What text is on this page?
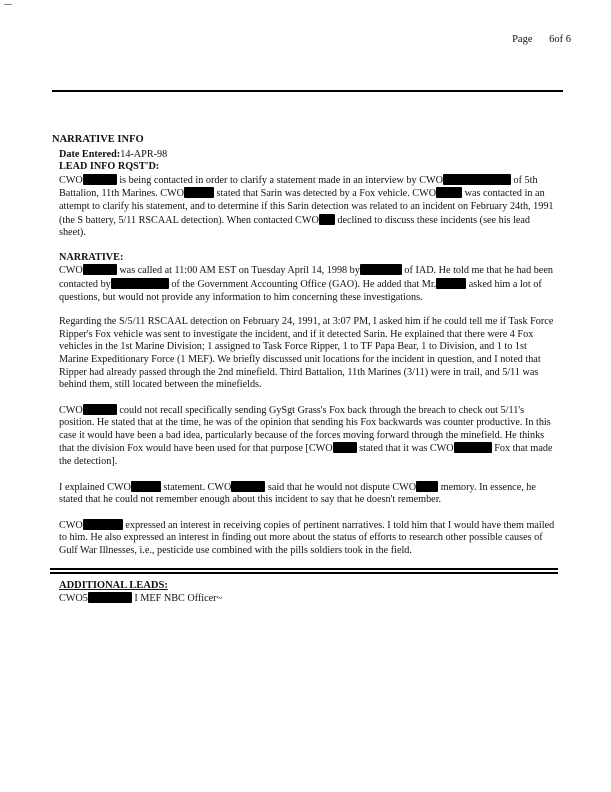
Page 6of 6
NARRATIVE INFO
Date Entered:14-APR-98
LEAD INFO RQST'D:

CWO	is being contacted in order to clarify a statement made in an interview by CWO	of 5th Battalion, 11th Marines. CWO	stated that Sarin was detected by a Fox vehicle. CWO	was contacted in an attempt to clarify his statement, and to determine if this Sarin detection was related to an incident on February 24th, 1991 (the S battery, 5/11 RSCAAL detection). When contacted CWO declined to discuss these incidents (see his lead sheet).

NARRATIVE:

CWO	was called at 11:00 AM EST on Tuesday April 14, 1998 by	of IAD. He told me that he had been contacted by	of the Government Accounting Office (GAO). He added that Mr.	asked him a lot of questions, but would not provide any information to him concerning these investigations.

Regarding the S/5/11 RSCAAL detection on February 24, 1991, at 3:07 PM, I asked him if he could tell me if Task Force Ripper's Fox vehicle was sent to investigate the incident, and if it detected Sarin. He explained that there were 4 Fox vehicles in the 1st Marine Division; 1 assigned to Task Force Ripper, 1 to TF Papa Bear, 1 to Division, and 1 to 1st Marine Expeditionary Force (1 MEF). We briefly discussed unit locations for the incident in question, and I noted that Ripper had already passed through the 2nd minefield. Third Battalion, 11th Marines (3/11) were in trail, and 5/11 was behind them, still located between the minefields.

CWO	could not recall specifically sending GySgt Grass's Fox back through the breach to check out 5/11's position. He stated that at the time, he was of the opinion that sending his Fox backwards was counter productive. In this case it would have been a bad idea, particularly because of the forces moving forward through the minefield. He thinks that the division Fox would have been used for that purpose [CWO	stated that it was CWO	Fox that made the detection].

I explained CWO	statement. CWO	said that he would not dispute CWO memory. In essence, he stated that he could not remember enough about this incident to say that he doesn't remember.

CWO	expressed an interest in receiving copies of pertinent narratives. I told him that I would have them mailed to him. He also expressed an interest in finding out more about the status of efforts to research other possible causes of Gulf War Illnesses, i.e., pesticide use combined with the pills soldiers took in the field.

ADDITIONAL LEADS:

CWO5	I MEF NBC Officer~
